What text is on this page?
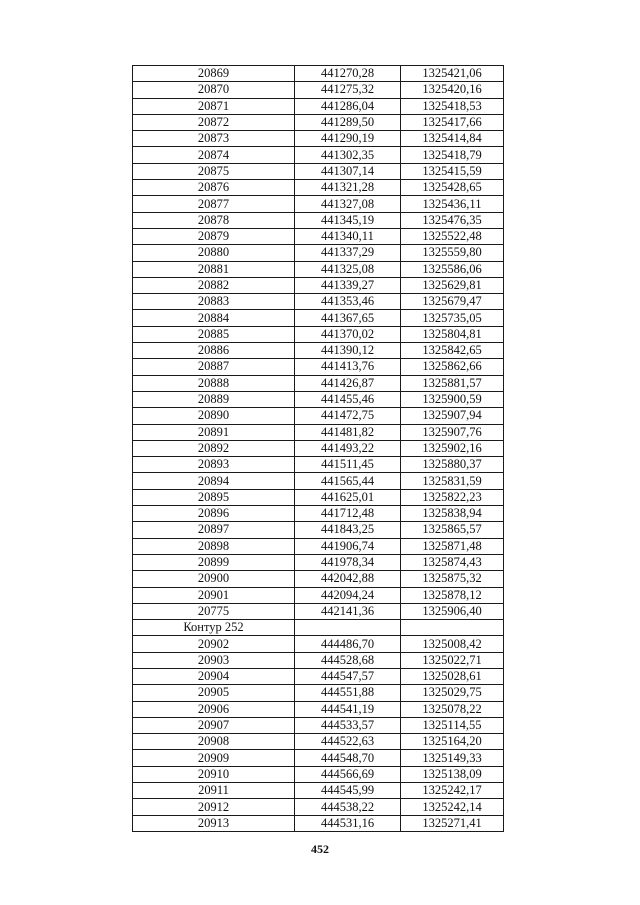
20869	441270,28	1325421,06
20870	441275,32	1325420,16
20871	441286,04	1325418,53
20872	441289,50	1325417,66
20873	441290,19	1325414,84
20874	441302,35	1325418,79
20875	441307,14	1325415,59
20876	441321,28	1325428,65
20877	441327,08	1325436,11
20878	441345,19	1325476,35
20879	441340,11	1325522,48
20880	441337,29	1325559,80
20881	441325,08	1325586,06
20882	441339,27	1325629,81
20883	441353,46	1325679,47
20884	441367,65	1325735,05
20885	441370,02	1325804,81
20886	441390,12	1325842,65
20887	441413,76	1325862,66
20888	441426,87	1325881,57
20889	441455,46	1325900,59
20890	441472,75	1325907,94
20891	441481,82	1325907,76
20892	441493,22	1325902,16
20893	441511,45	1325880,37
20894	441565,44	1325831,59
20895	441625,01	1325822,23
20896	441712,48	1325838,94
20897	441843,25	1325865,57
20898	441906,74	1325871,48
20899	441978,34	1325874,43
20900	442042,88	1325875,32
20901	442094,24	1325878,12
20775	442141,36	1325906,40
Контур 252		
20902	444486,70	1325008,42
20903	444528,68	1325022,71
20904	444547,57	1325028,61
20905	444551,88	1325029,75
20906	444541,19	1325078,22
20907	444533,57	1325114,55
20908	444522,63	1325164,20
20909	444548,70	1325149,33
20910	444566,69	1325138,09
20911	444545,99	1325242,17
20912	444538,22	1325242,14
20913	444531,16	1325271,41
452
